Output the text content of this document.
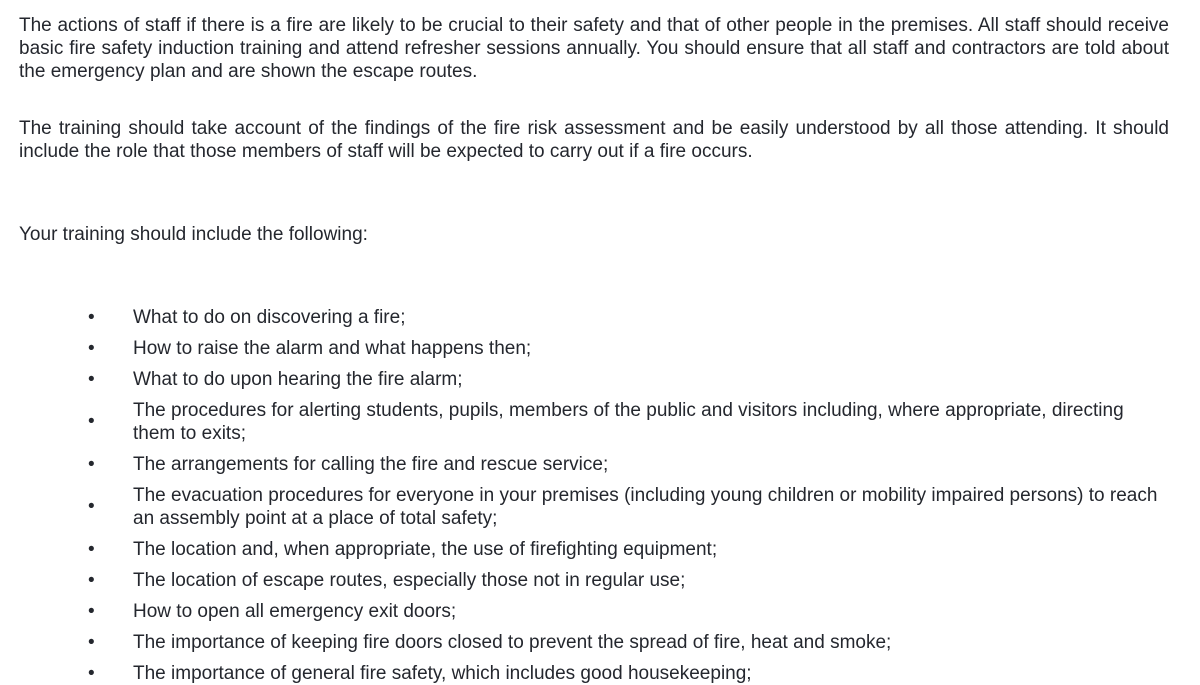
The actions of staff if there is a fire are likely to be crucial to their safety and that of other people in the premises. All staff should receive basic fire safety induction training and attend refresher sessions annually. You should ensure that all staff and contractors are told about the emergency plan and are shown the escape routes.

The training should take account of the findings of the fire risk assessment and be easily understood by all those attending. It should include the role that those members of staff will be expected to carry out if a fire occurs.

Your training should include the following:

•	What to do on discovering a fire;
•	How to raise the alarm and what happens then;
•	What to do upon hearing the fire alarm;
•
The procedures for alerting students, pupils, members of the public and visitors including, where appropriate, directing them to exits;
•	The arrangements for calling the fire and rescue service;
•
The evacuation procedures for everyone in your premises (including young children or mobility impaired persons) to reach an assembly point at a place of total safety;
•	The location and, when appropriate, the use of firefighting equipment;
•	The location of escape routes, especially those not in regular use;
•	How to open all emergency exit doors;
•	The importance of keeping fire doors closed to prevent the spread of fire, heat and smoke;
•	The importance of general fire safety, which includes good housekeeping;
